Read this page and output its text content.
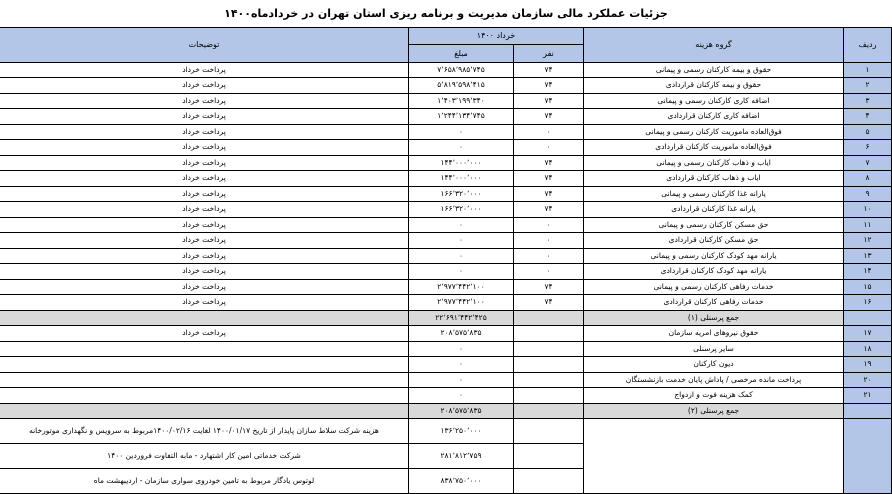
جزئیات عملکرد مالی سازمان مدیریت و برنامه ریزی استان تهران در خردادماه۱۴۰۰
ردیف	گروه هزینه	خرداد ۱۴۰۰		توضیحات
		نفر	مبلغ	
۱	حقوق و بیمه کارکنان رسمی و پیمانی	۷۴	۷٬۶۵۸٬۹۸۵٬۷۴۵	پرداخت خرداد
۲	حقوق و بیمه کارکنان قراردادی	۷۴	۵٬۸۱۹٬۵۹۸٬۴۱۵	پرداخت خرداد
۳	اضافه کاری کارکنان رسمی و پیمانی	۷۴	۱٬۴۰۳٬۱۹۹٬۳۴۰	پرداخت خرداد
۴	اضافه کاری کارکنان قراردادی	۷۴	۱٬۲۴۴٬۱۳۴٬۷۴۵	پرداخت خرداد
۵	فوق‌العاده ماموریت کارکنان رسمی و پیمانی	۰	۰	پرداخت خرداد
۶	فوق‌العاده ماموریت کارکنان قراردادی	۰	۰	پرداخت خرداد
۷	ایاب و ذهاب کارکنان رسمی و پیمانی	۷۴	۱۴۴٬۰۰۰٬۰۰۰	پرداخت خرداد
۸	ایاب و ذهاب کارکنان قراردادی	۷۴	۱۴۴٬۰۰۰٬۰۰۰	پرداخت خرداد
۹	یارانه غذا کارکنان رسمی و پیمانی	۷۴	۱۶۶٬۳۲۰٬۰۰۰	پرداخت خرداد
۱۰	یارانه غذا کارکنان قراردادی	۷۴	۱۶۶٬۳۲۰٬۰۰۰	پرداخت خرداد
۱۱	حق مسکن کارکنان رسمی و پیمانی	۰	۰	پرداخت خرداد
۱۲	حق مسکن کارکنان قراردادی	۰	۰	پرداخت خرداد
۱۳	یارانه مهد کودک کارکنان رسمی و پیمانی	۰	۰	پرداخت خرداد
۱۴	یارانه مهد کودک کارکنان قراردادی	۰	۰	پرداخت خرداد
۱۵	خدمات رفاهی کارکنان رسمی و پیمانی	۷۴	۲٬۹۷۷٬۴۴۲٬۱۰۰	پرداخت خرداد
۱۶	خدمات رفاهی کارکنان قراردادی	۷۴	۲٬۹۷۷٬۴۴۲٬۱۰۰	پرداخت خرداد
	جمع پرسنلی (۱)		۲۲٬۶۹۱٬۴۴۲٬۴۲۵	
۱۷	حقوق نیروهای امریه سازمان		۲۰۸٬۵۷۵٬۸۳۵	پرداخت خرداد
۱۸	سایر پرسنلی		۰	
۱۹	دیون کارکنان		۰	
۲۰	پرداخت مانده مرخصی / پاداش پایان خدمت بازنشستگان		۰	
۲۱	کمک هزینه فوت و ازدواج		۰	
	جمع پرسنلی (۲)		۲۰۸٬۵۷۵٬۸۳۵	
			۱۳۶٬۲۵۰٬۰۰۰	هزینه شرکت سلاط سازان پایدار از تاریخ ۱۴۰۰/۰۱/۱۷ لغایت ۱۴۰۰/۰۲/۱۶مربوط به سرویس و نگهداری موتورخانه
			۲۸۱٬۸۱۲٬۷۵۹	شرکت خدماتی امین کار اشتهارد - مابه التفاوت فروردین ۱۴۰۰
			۸۳۸٬۷۵۰٬۰۰۰	لوتوس یادگار مربوط به تامین خودروی سواری سازمان - اردیبهشت ماه
